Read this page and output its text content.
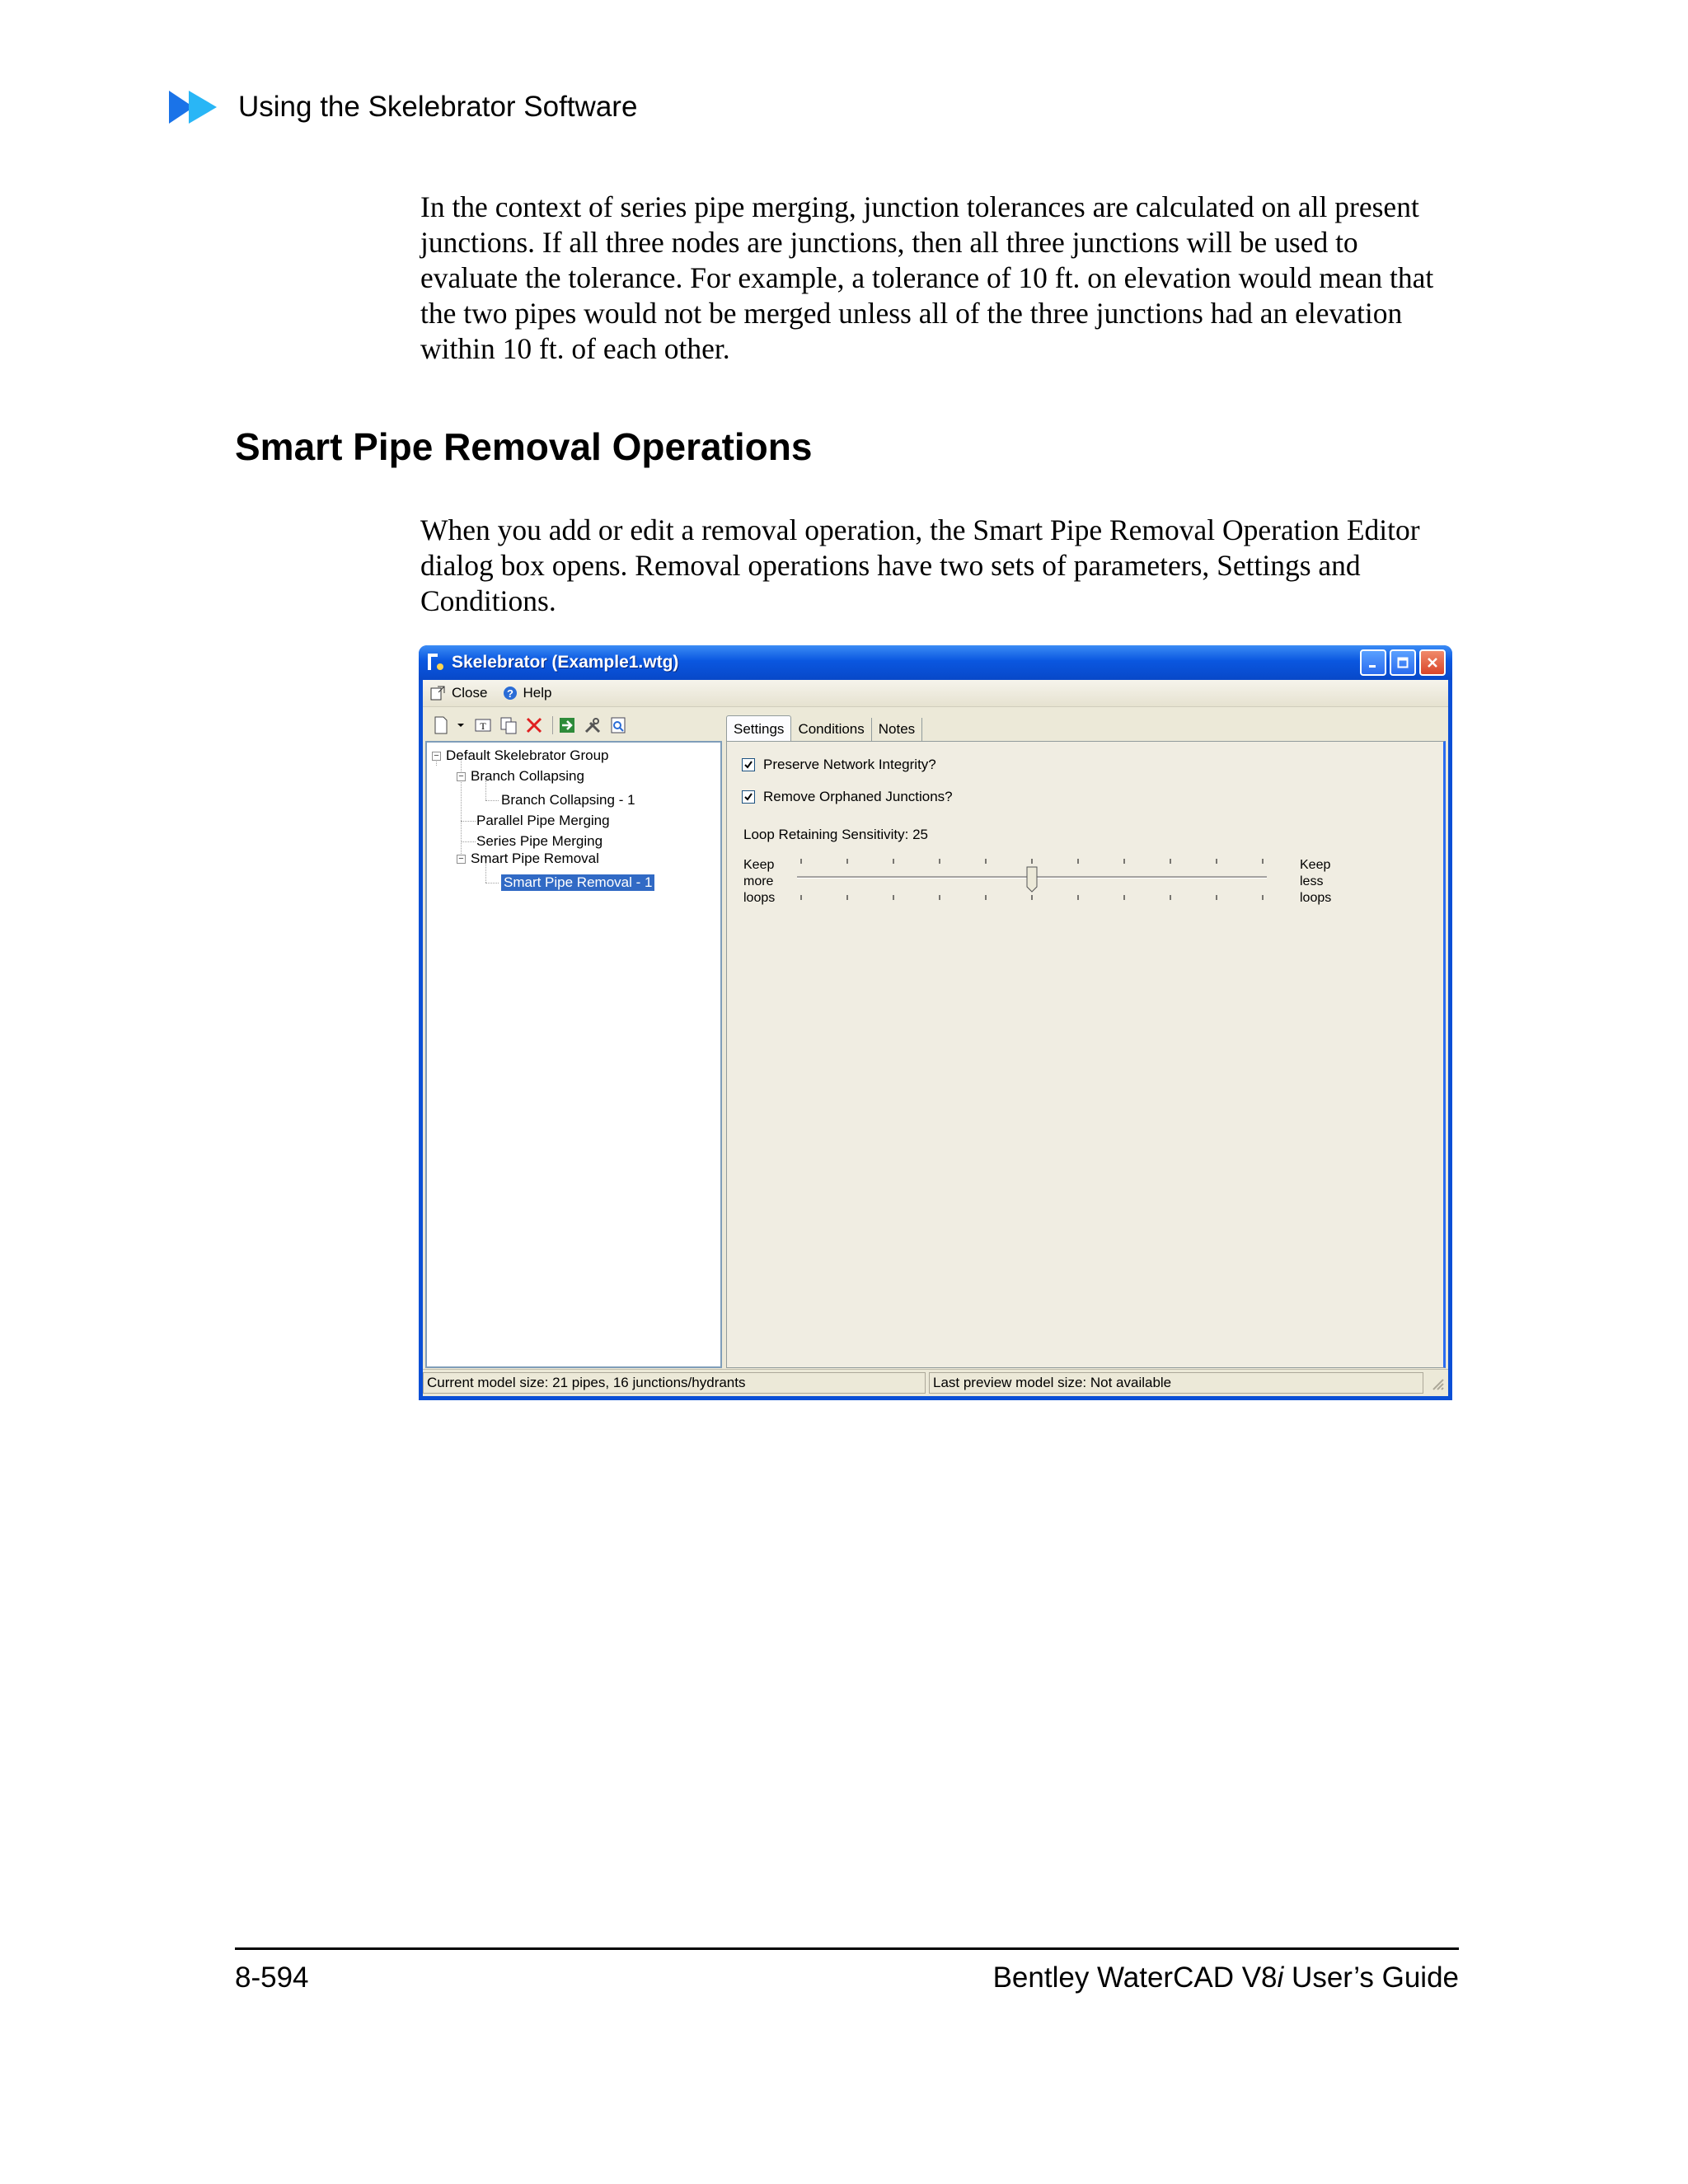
Using the Skelebrator Software

In the context of series pipe merging, junction tolerances are calculated on all present junctions. If all three nodes are junctions, then all three junctions will be used to evaluate the tolerance. For example, a tolerance of 10 ft. on elevation would mean that the two pipes would not be merged unless all of the three junctions had an elevation within 10 ft. of each other.

Smart Pipe Removal Operations

When you add or edit a removal operation, the Smart Pipe Removal Operation Editor dialog box opens. Removal operations have two sets of parameters, Settings and Conditions.

Skelebrator (Example1.wtg)
Close ? Help
T
− Default Skelebrator Group
− Branch Collapsing
Branch Collapsing - 1
Parallel Pipe Merging
Series Pipe Merging
− Smart Pipe Removal
Smart Pipe Removal - 1
Settings	Conditions	Notes
Preserve Network Integrity?
Remove Orphaned Junctions?
Loop Retaining Sensitivity: 25
Keep
more
loops
Keep
less
loops
Current model size: 21 pipes, 16 junctions/hydrants	Last preview model size: Not available
8-594	Bentley WaterCAD V8i User’s Guide
